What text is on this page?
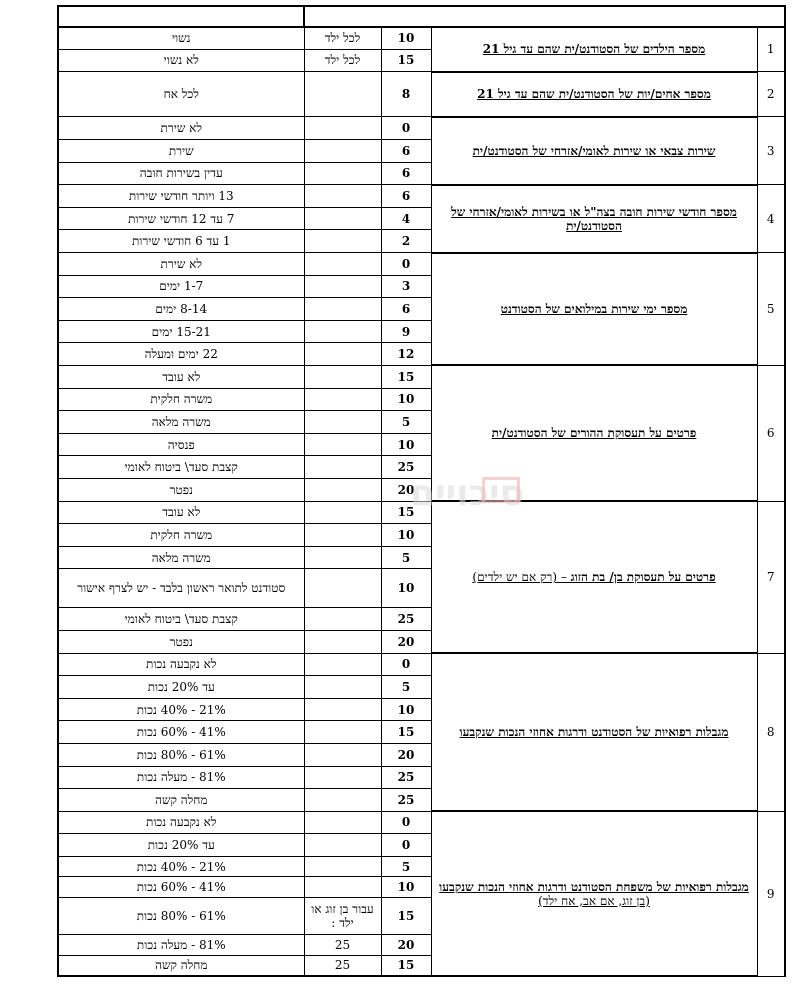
נשוי	לכל ילד	10	מספר הילדים של הסטודנט/ית שהם עד גיל 21	1
לא נשוי	לכל ילד	15		
לכל אח		8	מספר אחים/יות של הסטודנט/ית שהם עד גיל 21	2
לא שירת		0	שירות צבאי או שירות לאומי/אזרחי של הסטודנט/ית	3
שירת		6		
עדין בשירות חובה		6		
13 ויותר חודשי שירות		6	מספר חודשי שירות חובה בצה"ל או בשירות לאומי/אזרחי של הסטודנט/ית	4
7 עד 12 חודשי שירות		4		
1 עד 6 חודשי שירות		2		
לא שירת		0	מספר ימי שירות במילואים של הסטודנט	5
1-7 ימים		3		
8-14 ימים		6		
15-21 ימים		9		
22 ימים ומעלה		12		
לא עובד		15	פרטים על תעסוקת ההורים של הסטודנט/ית	6
משרה חלקית		10		
משרה מלאה		5		
פנסיה		10		
קצבת סעד\ ביטוח לאומי		25		
נפטר		20		
לא עובד		15	פרטים על תעסוקת בן/ בת הזוג – (רק אם יש ילדים)	7
משרה חלקית		10		
משרה מלאה		5		
סטודנט לתואר ראשון בלבד - יש לצרף אישור		10		
קצבת סעד\ ביטוח לאומי		25		
נפטר		20		
לא נקבעה נכות		0	מגבלות רפואיות של הסטודנט ודרגות אחוזי הנכות שנקבעו	8
עד 20% נכות		5		
21% - 40% נכות		10		
41% - 60% נכות		15		
61% - 80% נכות		20		
81% - מעלה נכות		25		
מחלה קשה		25		
לא נקבעה נכות		0	מגבלות רפואיות של משפחת הסטודנט ודרגות אחוזי הנכות שנקבעו
(בן זוג, אם אב, אח ילד)	9
עד 20% נכות		0		
21% - 40% נכות		5		
41% - 60% נכות		10		
61% - 80% נכות	עבור בן זוג או ילד :	15		
81% - מעלה נכות	25	20		
מחלה קשה	25	15		
סיכויים
